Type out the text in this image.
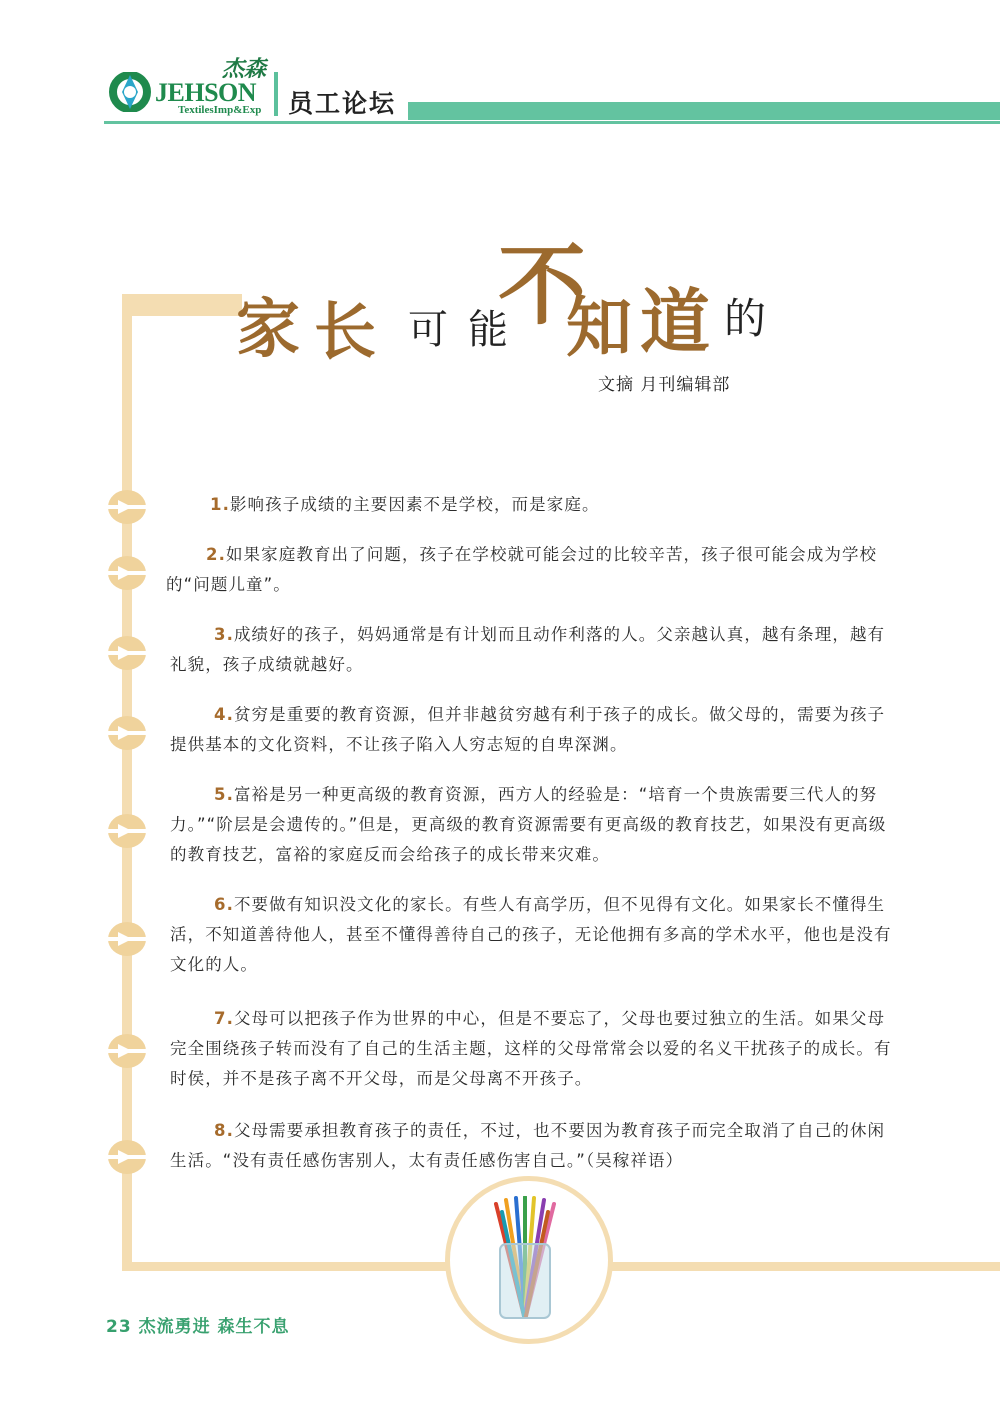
杰森
JEHSON
TextilesImp&Exp 员工论坛
家 长 可 能
不
知 道 的
文摘 月刊编辑部

1.影响孩子成绩的主要因素不是学校，而是家庭。

2.如果家庭教育出了问题，孩子在学校就可能会过的比较辛苦，孩子很可能会成为学校的“问题儿童”。

3.成绩好的孩子，妈妈通常是有计划而且动作利落的人。父亲越认真，越有条理，越有礼貌，孩子成绩就越好。

4.贫穷是重要的教育资源，但并非越贫穷越有利于孩子的成长。做父母的，需要为孩子提供基本的文化资料，不让孩子陷入人穷志短的自卑深渊。

5.富裕是另一种更高级的教育资源，西方人的经验是：“培育一个贵族需要三代人的努力。”“阶层是会遗传的。”但是，更高级的教育资源需要有更高级的教育技艺，如果没有更高级的教育技艺，富裕的家庭反而会给孩子的成长带来灾难。

6.不要做有知识没文化的家长。有些人有高学历，但不见得有文化。如果家长不懂得生活，不知道善待他人，甚至不懂得善待自己的孩子，无论他拥有多高的学术水平，他也是没有文化的人。

7.父母可以把孩子作为世界的中心，但是不要忘了，父母也要过独立的生活。如果父母完全围绕孩子转而没有了自己的生活主题，这样的父母常常会以爱的名义干扰孩子的成长。有时侯，并不是孩子离不开父母，而是父母离不开孩子。

8.父母需要承担教育孩子的责任，不过，也不要因为教育孩子而完全取消了自己的休闲生活。“没有责任感伤害别人，太有责任感伤害自己。”（吴稼祥语）

23 杰流勇进 森生不息
